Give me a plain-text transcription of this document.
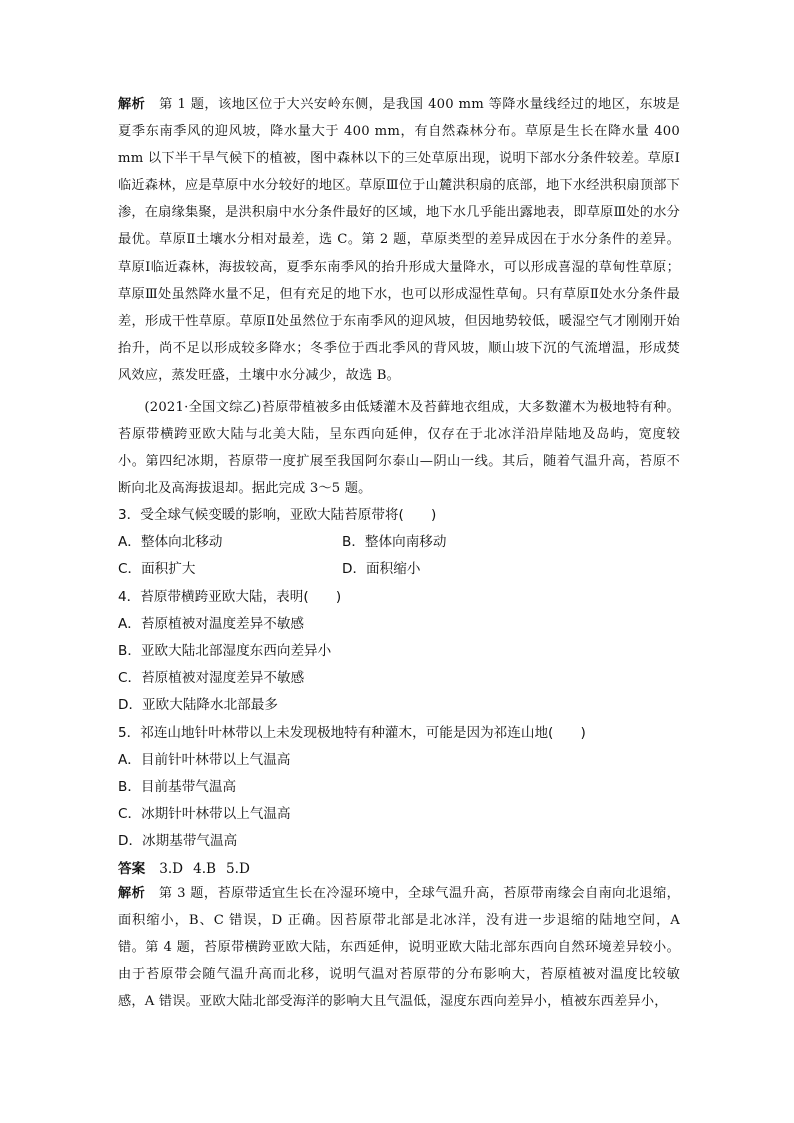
解析　 第 1 题，该地区位于大兴安岭东侧，是我国 400 mm 等降水量线经过的地区，东坡是夏季东南季风的迎风坡，降水量大于 400 mm，有自然森林分布。草原是生长在降水量 400 mm 以下半干旱气候下的植被，图中森林以下的三处草原出现，说明下部水分条件较差。草原Ⅰ临近森林，应是草原中水分较好的地区。草原Ⅲ位于山麓洪积扇的底部，地下水经洪积扇顶部下渗，在扇缘集聚，是洪积扇中水分条件最好的区域，地下水几乎能出露地表，即草原Ⅲ处的水分最优。草原Ⅱ土壤水分相对最差，选 C。第 2 题，草原类型的差异成因在于水分条件的差异。草原Ⅰ临近森林，海拔较高，夏季东南季风的抬升形成大量降水，可以形成喜湿的草甸性草原；草原Ⅲ处虽然降水量不足，但有充足的地下水，也可以形成湿性草甸。只有草原Ⅱ处水分条件最差，形成干性草原。草原Ⅱ处虽然位于东南季风的迎风坡，但因地势较低，暖湿空气才刚刚开始抬升，尚不足以形成较多降水；冬季位于西北季风的背风坡，顺山坡下沉的气流增温，形成焚风效应，蒸发旺盛，土壤中水分减少，故选 B。
(2021·全国文综乙)苔原带植被多由低矮灌木及苔藓地衣组成，大多数灌木为极地特有种。苔原带横跨亚欧大陆与北美大陆，呈东西向延伸，仅存在于北冰洋沿岸陆地及岛屿，宽度较小。第四纪冰期，苔原带一度扩展至我国阿尔泰山—阴山一线。其后，随着气温升高，苔原不断向北及高海拔退却。据此完成 3～5 题。
3．受全球气候变暖的影响，亚欧大陆苔原带将(　　)
A．整体向北移动	B．整体向南移动
C．面积扩大	D．面积缩小
4．苔原带横跨亚欧大陆，表明(　　)
A．苔原植被对温度差异不敏感
B．亚欧大陆北部湿度东西向差异小
C．苔原植被对湿度差异不敏感
D．亚欧大陆降水北部最多
5．祁连山地针叶林带以上未发现极地特有种灌木，可能是因为祁连山地(　　)
A．目前针叶林带以上气温高
B．目前基带气温高
C．冰期针叶林带以上气温高
D．冰期基带气温高
答案 3.D 4.B 5.D
解析　 第 3 题，苔原带适宜生长在冷湿环境中，全球气温升高，苔原带南缘会自南向北退缩，面积缩小，B、C 错误，D 正确。因苔原带北部是北冰洋，没有进一步退缩的陆地空间，A 错。第 4 题，苔原带横跨亚欧大陆，东西延伸，说明亚欧大陆北部东西向自然环境差异较小。由于苔原带会随气温升高而北移，说明气温对苔原带的分布影响大，苔原植被对温度比较敏感，A 错误。亚欧大陆北部受海洋的影响大且气温低，湿度东西向差异小，植被东西差异小，
